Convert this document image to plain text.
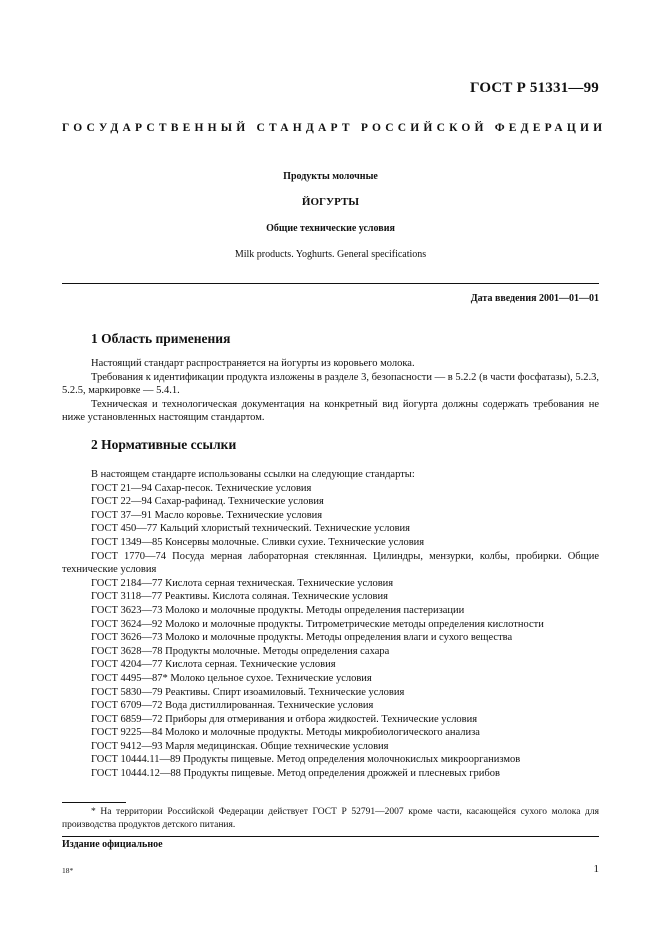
ГОСТ Р 51331—99
ГОСУДАРСТВЕННЫЙ СТАНДАРТ РОССИЙСКОЙ ФЕДЕРАЦИИ
Продукты молочные
ЙОГУРТЫ
Общие технические условия
Milk products. Yoghurts. General specifications
Дата введения 2001—01—01
1 Область применения

Настоящий стандарт распространяется на йогурты из коровьего молока.

Требования к идентификации продукта изложены в разделе 3, безопасности — в 5.2.2 (в части фосфатазы), 5.2.3, 5.2.5, маркировке — 5.4.1.

Техническая и технологическая документация на конкретный вид йогурта должны содержать требования не ниже установленных настоящим стандартом.

2 Нормативные ссылки

В настоящем стандарте использованы ссылки на следующие стандарты:

ГОСТ 21—94 Сахар-песок. Технические условия

ГОСТ 22—94 Сахар-рафинад. Технические условия

ГОСТ 37—91 Масло коровье. Технические условия

ГОСТ 450—77 Кальций хлористый технический. Технические условия

ГОСТ 1349—85 Консервы молочные. Сливки сухие. Технические условия

ГОСТ 1770—74 Посуда мерная лабораторная стеклянная. Цилиндры, мензурки, колбы, пробирки. Общие технические условия

ГОСТ 2184—77 Кислота серная техническая. Технические условия

ГОСТ 3118—77 Реактивы. Кислота соляная. Технические условия

ГОСТ 3623—73 Молоко и молочные продукты. Методы определения пастеризации

ГОСТ 3624—92 Молоко и молочные продукты. Титрометрические методы определения кислотности

ГОСТ 3626—73 Молоко и молочные продукты. Методы определения влаги и сухого вещества

ГОСТ 3628—78 Продукты молочные. Методы определения сахара

ГОСТ 4204—77 Кислота серная. Технические условия

ГОСТ 4495—87* Молоко цельное сухое. Технические условия

ГОСТ 5830—79 Реактивы. Спирт изоамиловый. Технические условия

ГОСТ 6709—72 Вода дистиллированная. Технические условия

ГОСТ 6859—72 Приборы для отмеривания и отбора жидкостей. Технические условия

ГОСТ 9225—84 Молоко и молочные продукты. Методы микробиологического анализа

ГОСТ 9412—93 Марля медицинская. Общие технические условия

ГОСТ 10444.11—89 Продукты пищевые. Метод определения молочнокислых микроорганизмов

ГОСТ 10444.12—88 Продукты пищевые. Метод определения дрожжей и плесневых грибов

* На территории Российской Федерации действует ГОСТ Р 52791—2007 кроме части, касающейся сухого молока для производства продуктов детского питания.

Издание официальное
18*	1
